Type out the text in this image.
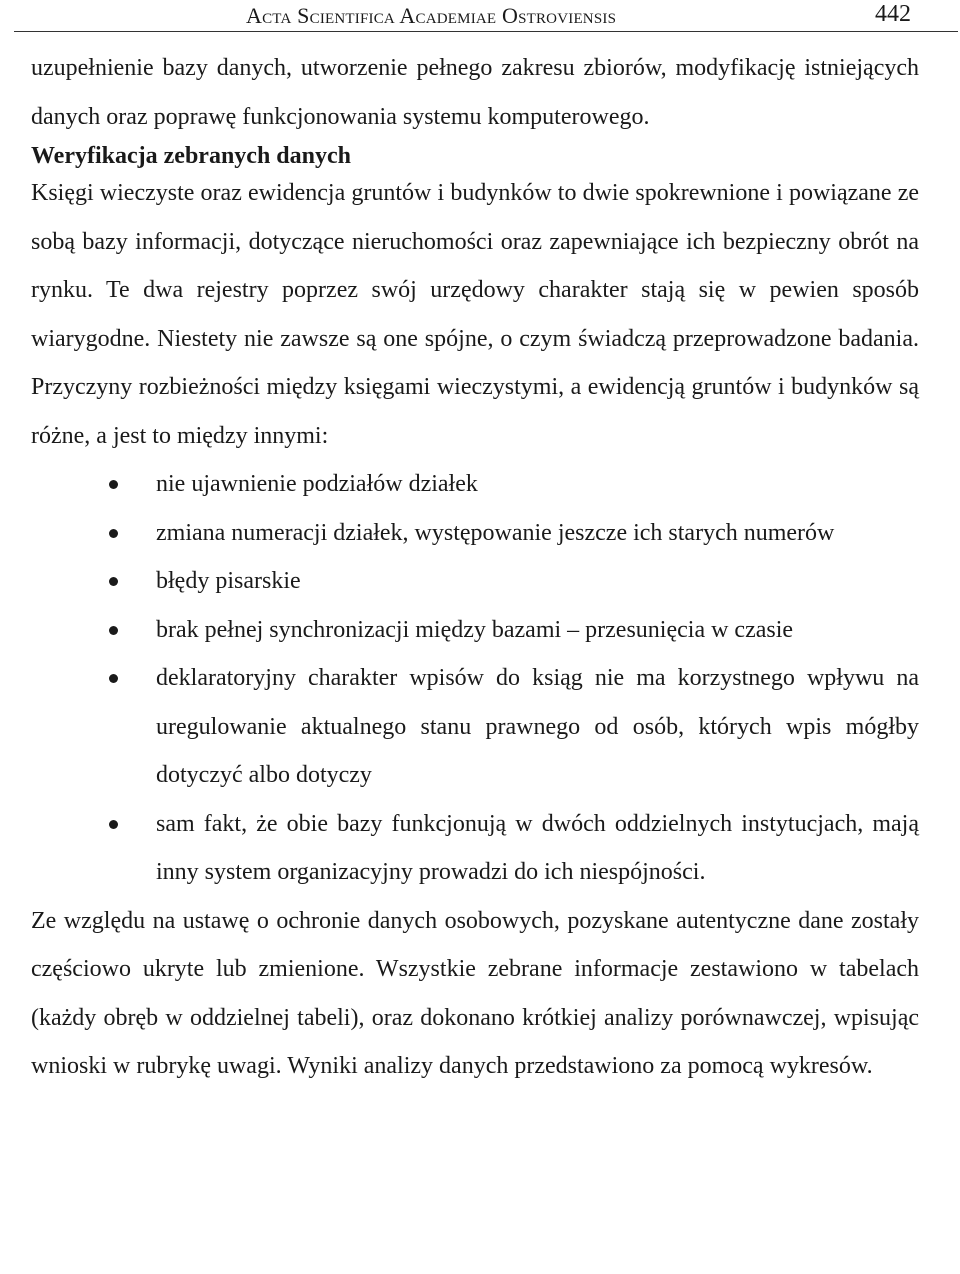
Acta Scientifica Academiae Ostroviensis	442

uzupełnienie bazy danych, utworzenie pełnego zakresu zbiorów, modyfikację istniejących danych oraz poprawę funkcjonowania systemu komputerowego.

Weryfikacja zebranych danych

Księgi wieczyste oraz ewidencja gruntów i budynków to dwie spokrewnione i powiązane ze sobą bazy informacji, dotyczące nieruchomości oraz zapewniające ich bezpieczny obrót na rynku. Te dwa rejestry poprzez swój urzędowy charakter stają się w pewien sposób wiarygodne. Niestety nie zawsze są one spójne, o czym świadczą przeprowadzone badania. Przyczyny rozbieżności między księgami wieczystymi, a ewidencją gruntów i budynków są różne, a jest to między innymi:

nie ujawnienie podziałów działek
zmiana numeracji działek, występowanie jeszcze ich starych numerów
błędy pisarskie
brak pełnej synchronizacji między bazami – przesunięcia w czasie
deklaratoryjny charakter wpisów do ksiąg nie ma korzystnego wpływu na uregulowanie aktualnego stanu prawnego od osób, których wpis mógłby dotyczyć albo dotyczy
sam fakt, że obie bazy funkcjonują w dwóch oddzielnych instytucjach, mają inny system organizacyjny prowadzi do ich niespójności.

Ze względu na ustawę o ochronie danych osobowych, pozyskane autentyczne dane zostały częściowo ukryte lub zmienione. Wszystkie zebrane informacje zestawiono w tabelach (każdy obręb w oddzielnej tabeli), oraz dokonano krótkiej analizy porównawczej, wpisując wnioski w rubrykę uwagi. Wyniki analizy danych przedstawiono za pomocą wykresów.
